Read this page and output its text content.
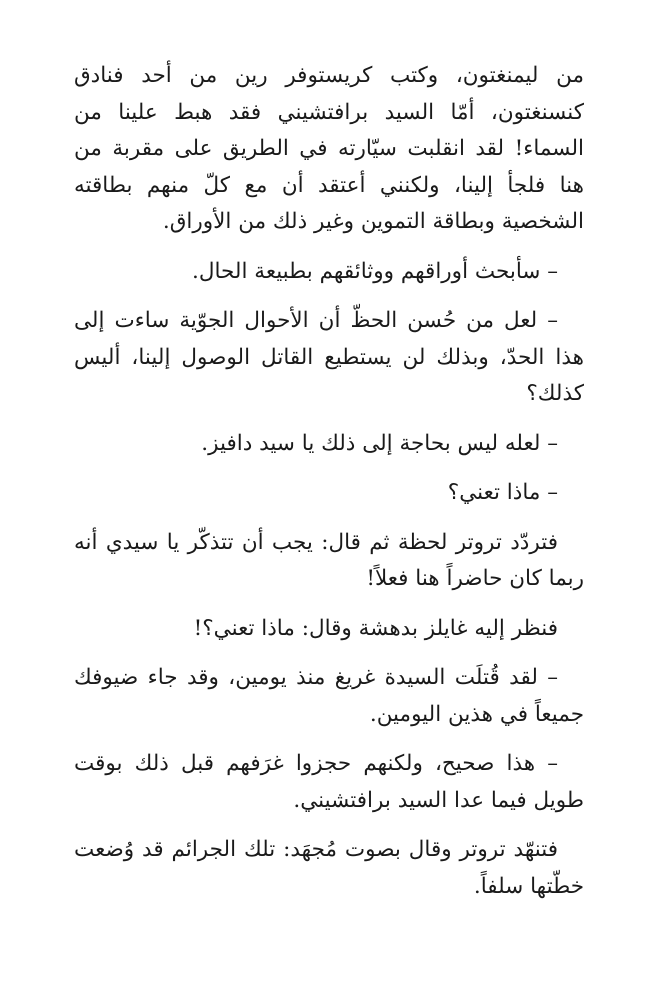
من ليمنغتون، وكتب كريستوفر رين من أحد فنادق كنسنغتون، أمّا السيد برافتشيني فقد هبط علينا من السماء! لقد انقلبت سيّارته في الطريق على مقربة من هنا فلجأ إلينا، ولكنني أعتقد أن مع كلّ منهم بطاقته الشخصية وبطاقة التموين وغير ذلك من الأوراق.

– سأبحث أوراقهم ووثائقهم بطبيعة الحال.

– لعل من حُسن الحظّ أن الأحوال الجوّية ساءت إلى هذا الحدّ، وبذلك لن يستطيع القاتل الوصول إلينا، أليس كذلك؟

– لعله ليس بحاجة إلى ذلك يا سيد دافيز.

– ماذا تعني؟

فتردّد تروتر لحظة ثم قال: يجب أن تتذكّر يا سيدي أنه ربما كان حاضراً هنا فعلاً!

فنظر إليه غايلز بدهشة وقال: ماذا تعني؟!

– لقد قُتلَت السيدة غريغ منذ يومين، وقد جاء ضيوفك جميعاً في هذين اليومين.

– هذا صحيح، ولكنهم حجزوا غرَفهم قبل ذلك بوقت طويل فيما عدا السيد برافتشيني.

فتنهّد تروتر وقال بصوت مُجهَد: تلك الجرائم قد وُضعت خطّتها سلفاً.
